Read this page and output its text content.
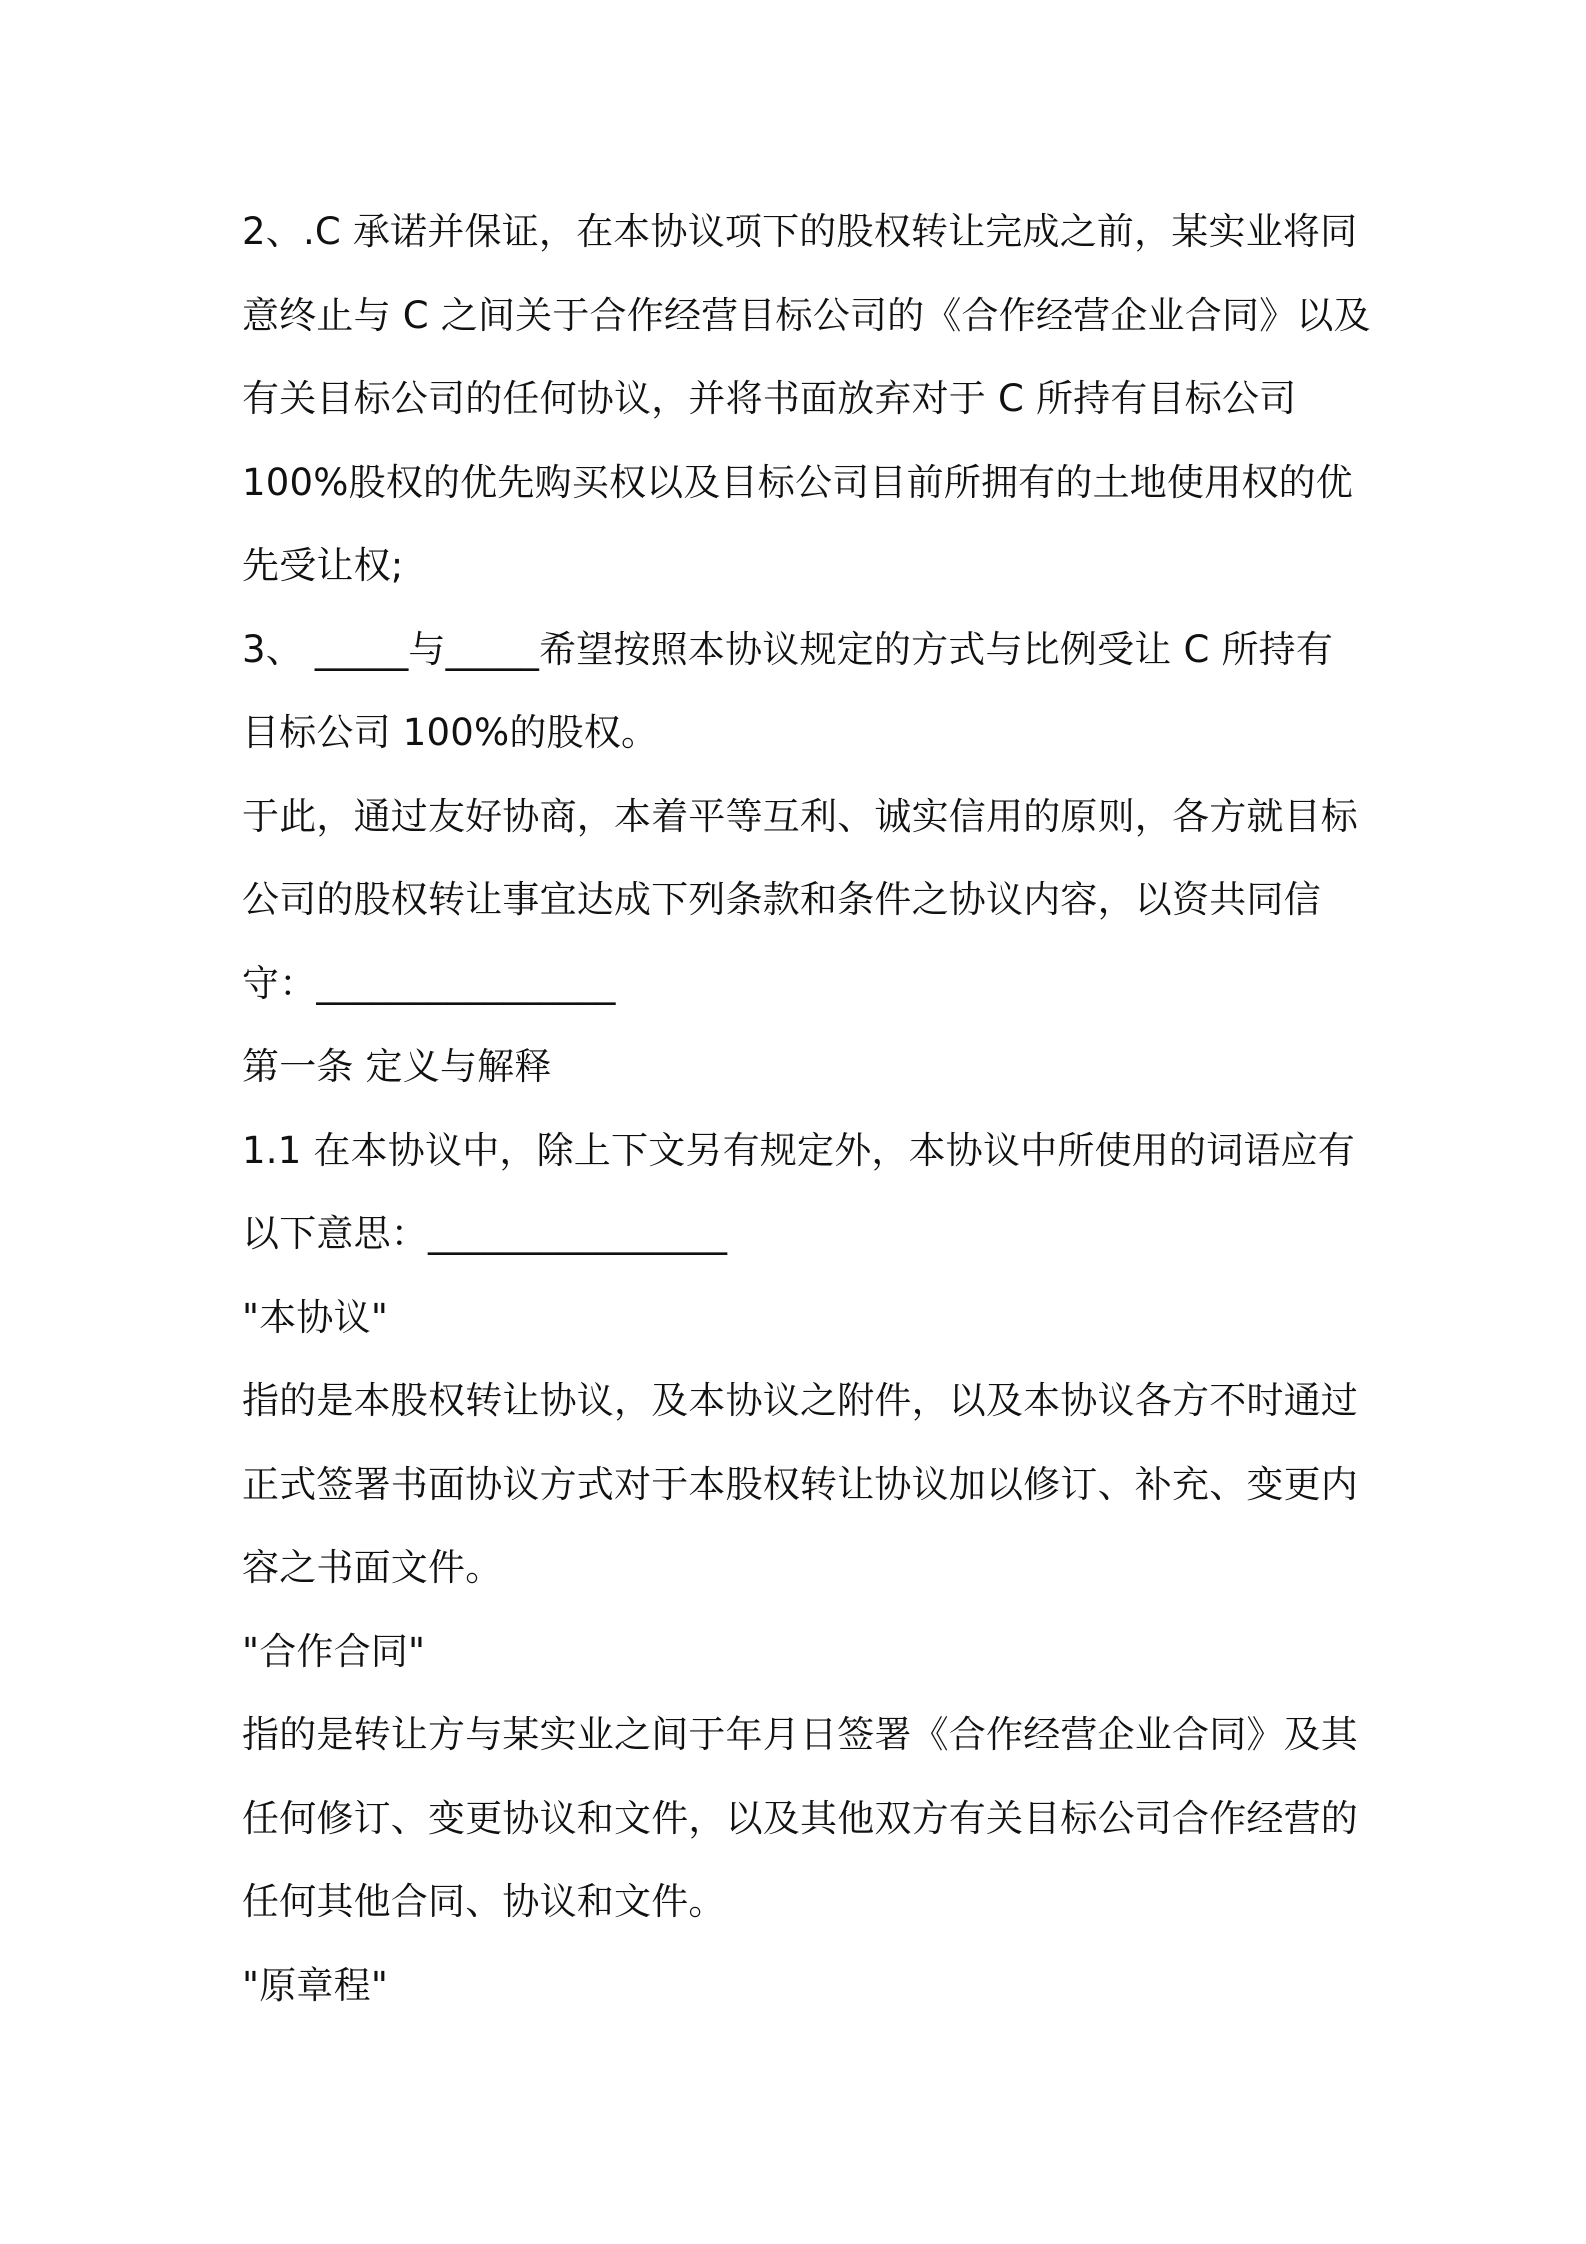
2、.C 承诺并保证，在本协议项下的股权转让完成之前，某实业将同
意终止与 C 之间关于合作经营目标公司的《合作经营企业合同》以及
有关目标公司的任何协议，并将书面放弃对于 C 所持有目标公司
100%股权的优先购买权以及目标公司目前所拥有的土地使用权的优
先受让权;
3、 _____与_____希望按照本协议规定的方式与比例受让 C 所持有
目标公司 100%的股权。
于此，通过友好协商，本着平等互利、诚实信用的原则，各方就目标
公司的股权转让事宜达成下列条款和条件之协议内容，以资共同信
守：________________
第一条 定义与解释
1.1 在本协议中，除上下文另有规定外，本协议中所使用的词语应有
以下意思：________________
"本协议"
指的是本股权转让协议，及本协议之附件，以及本协议各方不时通过
正式签署书面协议方式对于本股权转让协议加以修订、补充、变更内
容之书面文件。
"合作合同"
指的是转让方与某实业之间于年月日签署《合作经营企业合同》及其
任何修订、变更协议和文件，以及其他双方有关目标公司合作经营的
任何其他合同、协议和文件。
"原章程"
